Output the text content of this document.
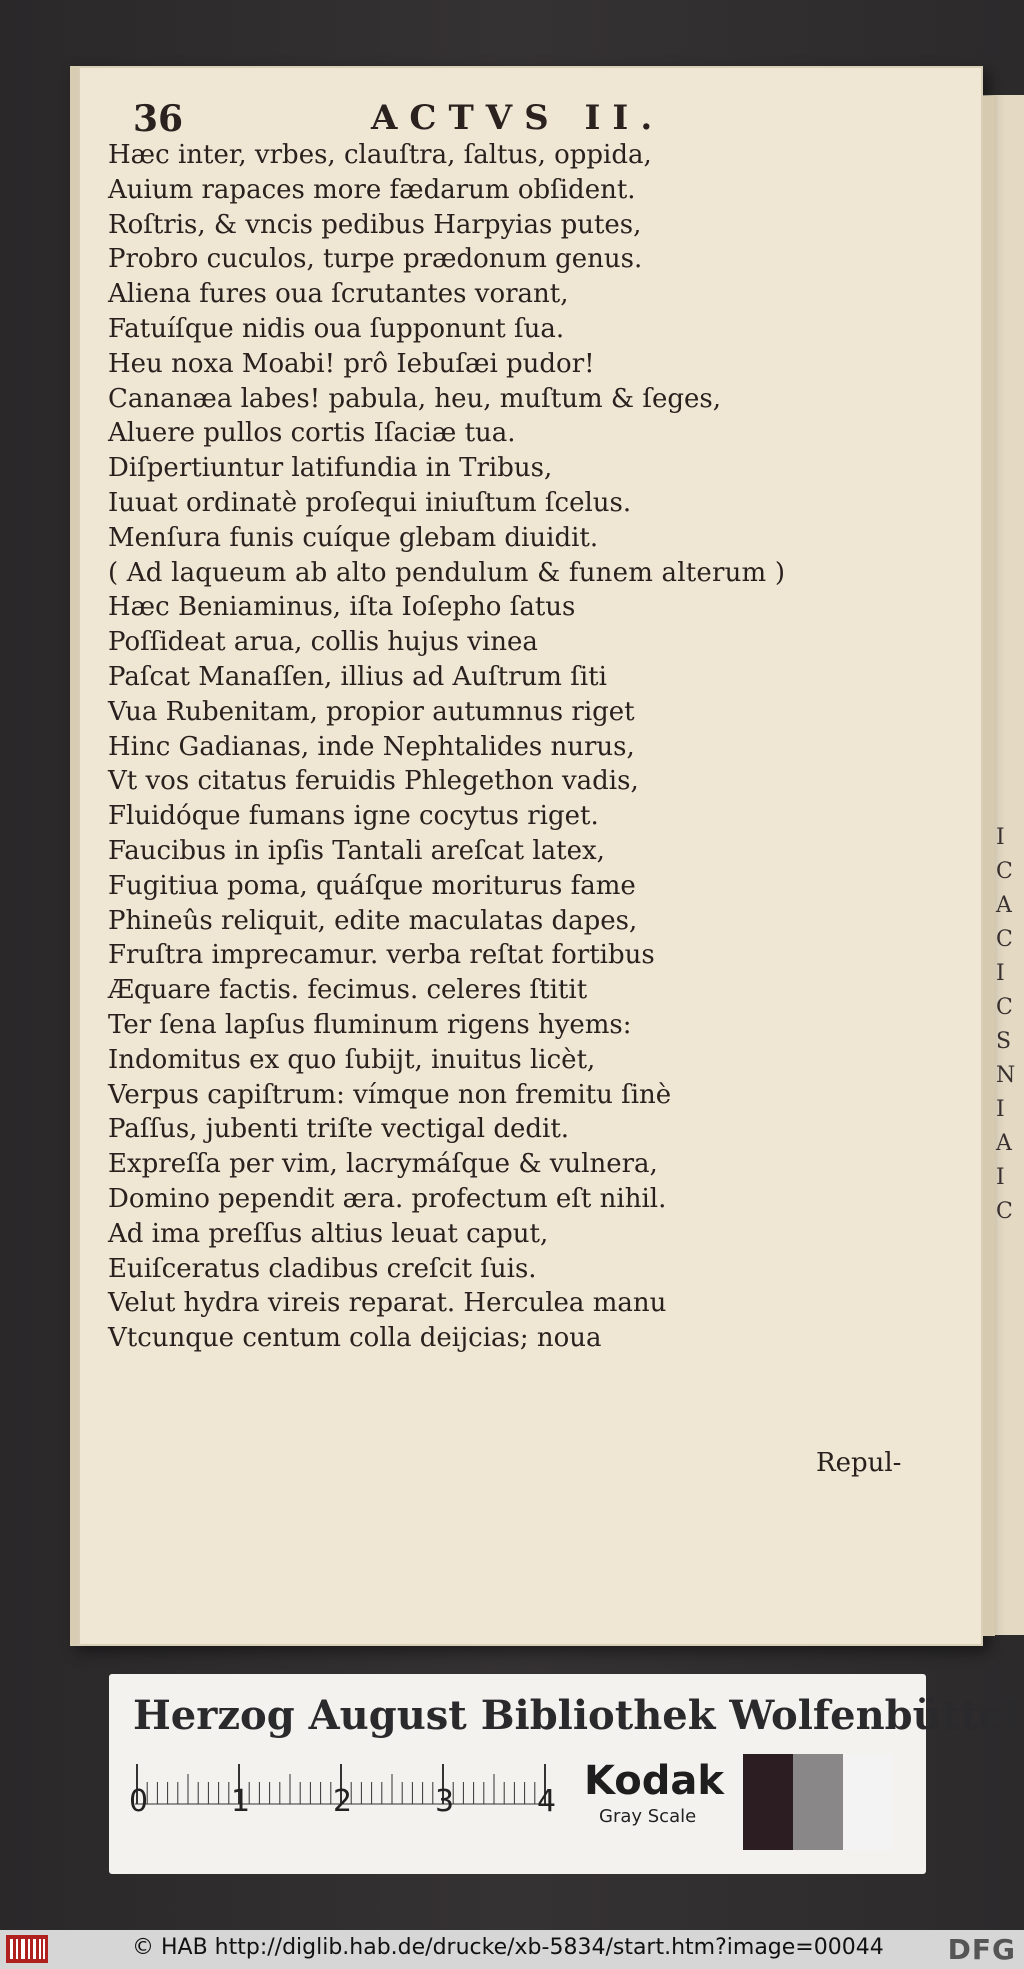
I
C
A
C
I
C
S
N
I
A
I
C
36	ACTVS II.
Hæc inter, vrbes, clauſtra, ſaltus, oppida,
Auium rapaces more fædarum obſident.
Roſtris, & vncis pedibus Harpyias putes,
Probro cuculos, turpe prædonum genus.
Aliena fures oua ſcrutantes vorant,
Fatuíſque nidis oua ſupponunt ſua.
Heu noxa Moabi! prô Iebuſæi pudor!
Cananæa labes! pabula, heu, muſtum & ſeges,
Aluere pullos cortis Iſaciæ tua.
Diſpertiuntur latifundia in Tribus,
Iuuat ordinatè proſequi iniuſtum ſcelus.
Menſura funis cuíque glebam diuidit.
( Ad laqueum ab alto pendulum & funem alterum )
Hæc Beniaminus, iſta Ioſepho ſatus
Poſſideat arua, collis hujus vinea
Paſcat Manaſſen, illius ad Auſtrum ſiti
Vua Rubenitam, propior autumnus riget
Hinc Gadianas, inde Nephtalides nurus,
Vt vos citatus feruidis Phlegethon vadis,
Fluidóque fumans igne cocytus riget.
Faucibus in ipſis Tantali areſcat latex,
Fugitiua poma, quáſque moriturus fame
Phineûs reliquit, edite maculatas dapes,
Fruſtra imprecamur. verba reſtat fortibus
Æquare factis. fecimus. celeres ſtitit
Ter ſena lapſus fluminum rigens hyems:
Indomitus ex quo ſubijt, inuitus licèt,
Verpus capiſtrum: vímque non fremitu ſinè
Paſſus, jubenti triſte vectigal dedit.
Expreſſa per vim, lacrymáſque & vulnera,
Domino pependit æra. profectum eſt nihil.
Ad ima preſſus altius leuat caput,
Euiſceratus cladibus creſcit ſuis.
Velut hydra vireis reparat. Herculea manu
Vtcunque centum colla deijcias; noua
Repul-
Herzog August Bibliothek Wolfenbüttel
0	1	2	3	4 Kodak
Gray Scale
© HAB http://diglib.hab.de/drucke/xb-5834/start.htm?image=00044 DFG
